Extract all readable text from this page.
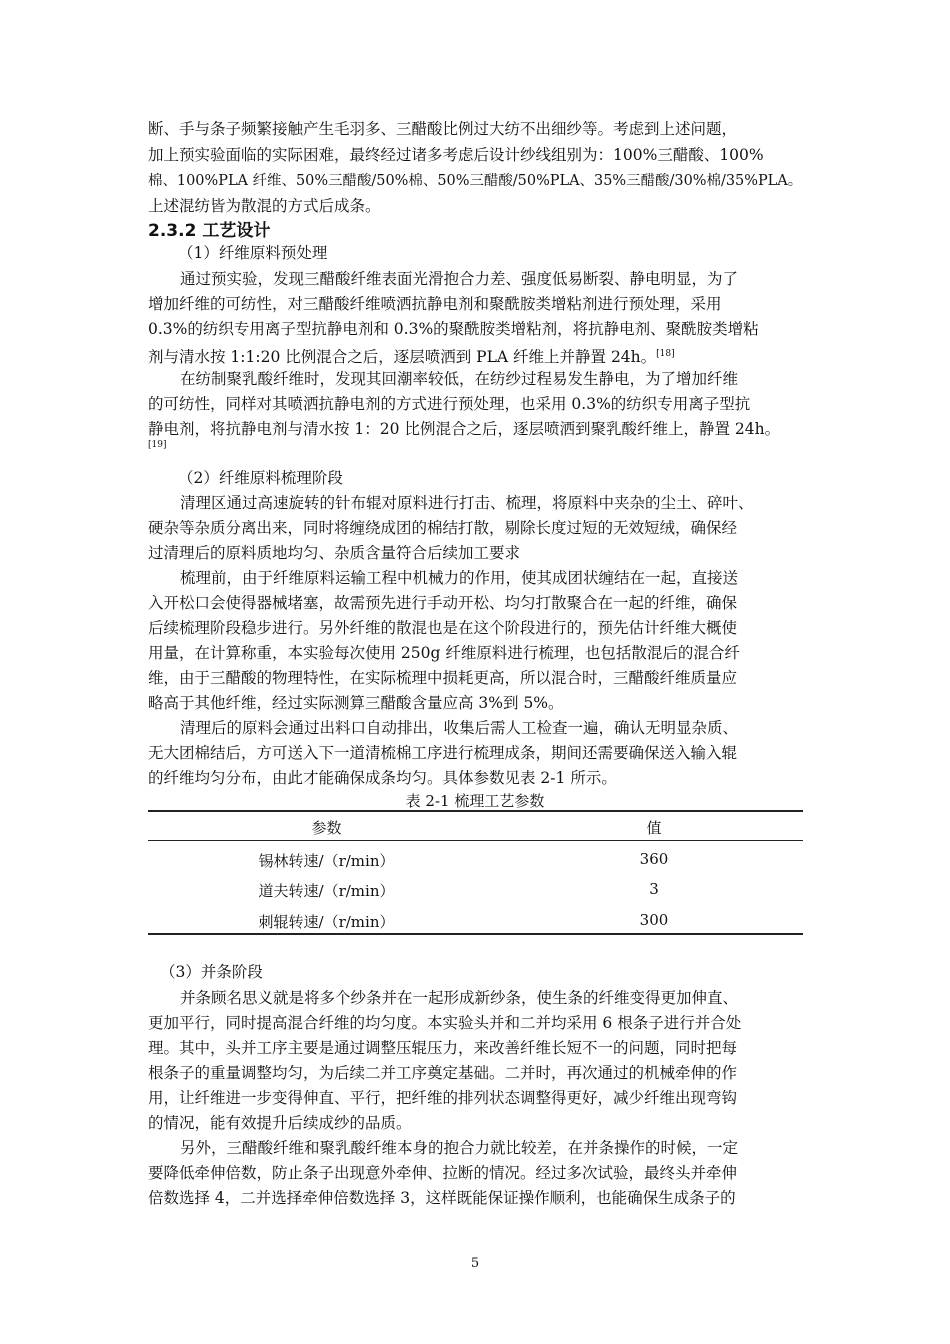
断、手与条子频繁接触产生毛羽多、三醋酸比例过大纺不出细纱等。考虑到上述问题，
加上预实验面临的实际困难，最终经过诸多考虑后设计纱线组别为：100%三醋酸、100%
棉、100%PLA 纤维、50%三醋酸/50%棉、50%三醋酸/50%PLA、35%三醋酸/30%棉/35%PLA。
上述混纺皆为散混的方式后成条。
2.3.2 工艺设计
（1）纤维原料预处理
通过预实验，发现三醋酸纤维表面光滑抱合力差、强度低易断裂、静电明显，为了
增加纤维的可纺性，对三醋酸纤维喷洒抗静电剂和聚酰胺类增粘剂进行预处理，采用
0.3%的纺织专用离子型抗静电剂和 0.3%的聚酰胺类增粘剂，将抗静电剂、聚酰胺类增粘
剂与清水按 1:1:20 比例混合之后，逐层喷洒到 PLA 纤维上并静置 24h。[18]
在纺制聚乳酸纤维时，发现其回潮率较低，在纺纱过程易发生静电，为了增加纤维
的可纺性，同样对其喷洒抗静电剂的方式进行预处理，也采用 0.3%的纺织专用离子型抗
静电剂，将抗静电剂与清水按 1：20 比例混合之后，逐层喷洒到聚乳酸纤维上，静置 24h。
[19]
（2）纤维原料梳理阶段
清理区通过高速旋转的针布辊对原料进行打击、梳理，将原料中夹杂的尘土、碎叶、
硬杂等杂质分离出来，同时将缠绕成团的棉结打散，剔除长度过短的无效短绒，确保经
过清理后的原料质地均匀、杂质含量符合后续加工要求
梳理前，由于纤维原料运输工程中机械力的作用，使其成团状缠结在一起，直接送
入开松口会使得器械堵塞，故需预先进行手动开松、均匀打散聚合在一起的纤维，确保
后续梳理阶段稳步进行。另外纤维的散混也是在这个阶段进行的，预先估计纤维大概使
用量，在计算称重，本实验每次使用 250g 纤维原料进行梳理，也包括散混后的混合纤
维，由于三醋酸的物理特性，在实际梳理中损耗更高，所以混合时，三醋酸纤维质量应
略高于其他纤维，经过实际测算三醋酸含量应高 3%到 5%。
清理后的原料会通过出料口自动排出，收集后需人工检查一遍，确认无明显杂质、
无大团棉结后，方可送入下一道清梳棉工序进行梳理成条，期间还需要确保送入输入辊
的纤维均匀分布，由此才能确保成条均匀。具体参数见表 2-1 所示。
表 2-1 梳理工艺参数
参数	值
锡林转速/（r/min）	360
道夫转速/（r/min）	3
刺辊转速/（r/min）	300
（3）并条阶段
并条顾名思义就是将多个纱条并在一起形成新纱条，使生条的纤维变得更加伸直、
更加平行，同时提高混合纤维的均匀度。本实验头并和二并均采用 6 根条子进行并合处
理。其中，头并工序主要是通过调整压辊压力，来改善纤维长短不一的问题，同时把每
根条子的重量调整均匀，为后续二并工序奠定基础。二并时，再次通过的机械牵伸的作
用，让纤维进一步变得伸直、平行，把纤维的排列状态调整得更好，减少纤维出现弯钩
的情况，能有效提升后续成纱的品质。
另外，三醋酸纤维和聚乳酸纤维本身的抱合力就比较差，在并条操作的时候，一定
要降低牵伸倍数，防止条子出现意外牵伸、拉断的情况。经过多次试验，最终头并牵伸
倍数选择 4，二并选择牵伸倍数选择 3，这样既能保证操作顺利，也能确保生成条子的
5
